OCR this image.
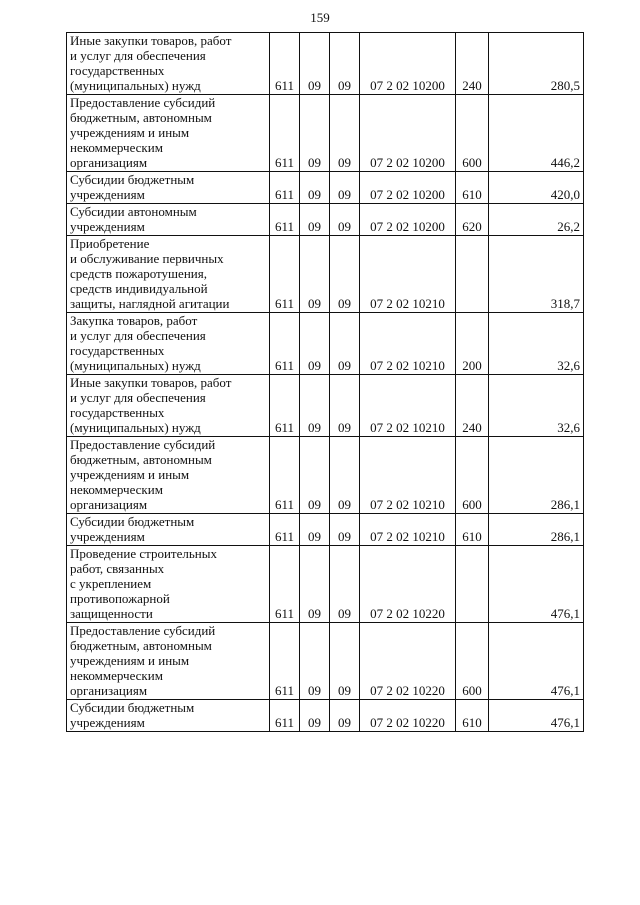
159
Иные закупки товаров, работ
и услуг для обеспечения
государственных
(муниципальных) нужд	611	09	09	07 2 02 10200	240	280,5

Предоставление субсидий
бюджетным, автономным
учреждениям и иным
некоммерческим
организациям	611	09	09	07 2 02 10200	600	446,2

Субсидии бюджетным
учреждениям	611	09	09	07 2 02 10200	610	420,0

Субсидии автономным
учреждениям	611	09	09	07 2 02 10200	620	26,2

Приобретение
и обслуживание первичных
средств пожаротушения,
средств индивидуальной
защиты, наглядной агитации	611	09	09	07 2 02 10210		318,7

Закупка товаров, работ
и услуг для обеспечения
государственных
(муниципальных) нужд	611	09	09	07 2 02 10210	200	32,6

Иные закупки товаров, работ
и услуг для обеспечения
государственных
(муниципальных) нужд	611	09	09	07 2 02 10210	240	32,6

Предоставление субсидий
бюджетным, автономным
учреждениям и иным
некоммерческим
организациям	611	09	09	07 2 02 10210	600	286,1

Субсидии бюджетным
учреждениям	611	09	09	07 2 02 10210	610	286,1

Проведение строительных
работ, связанных
с укреплением
противопожарной
защищенности	611	09	09	07 2 02 10220		476,1

Предоставление субсидий
бюджетным, автономным
учреждениям и иным
некоммерческим
организациям	611	09	09	07 2 02 10220	600	476,1

Субсидии бюджетным
учреждениям	611	09	09	07 2 02 10220	610	476,1
